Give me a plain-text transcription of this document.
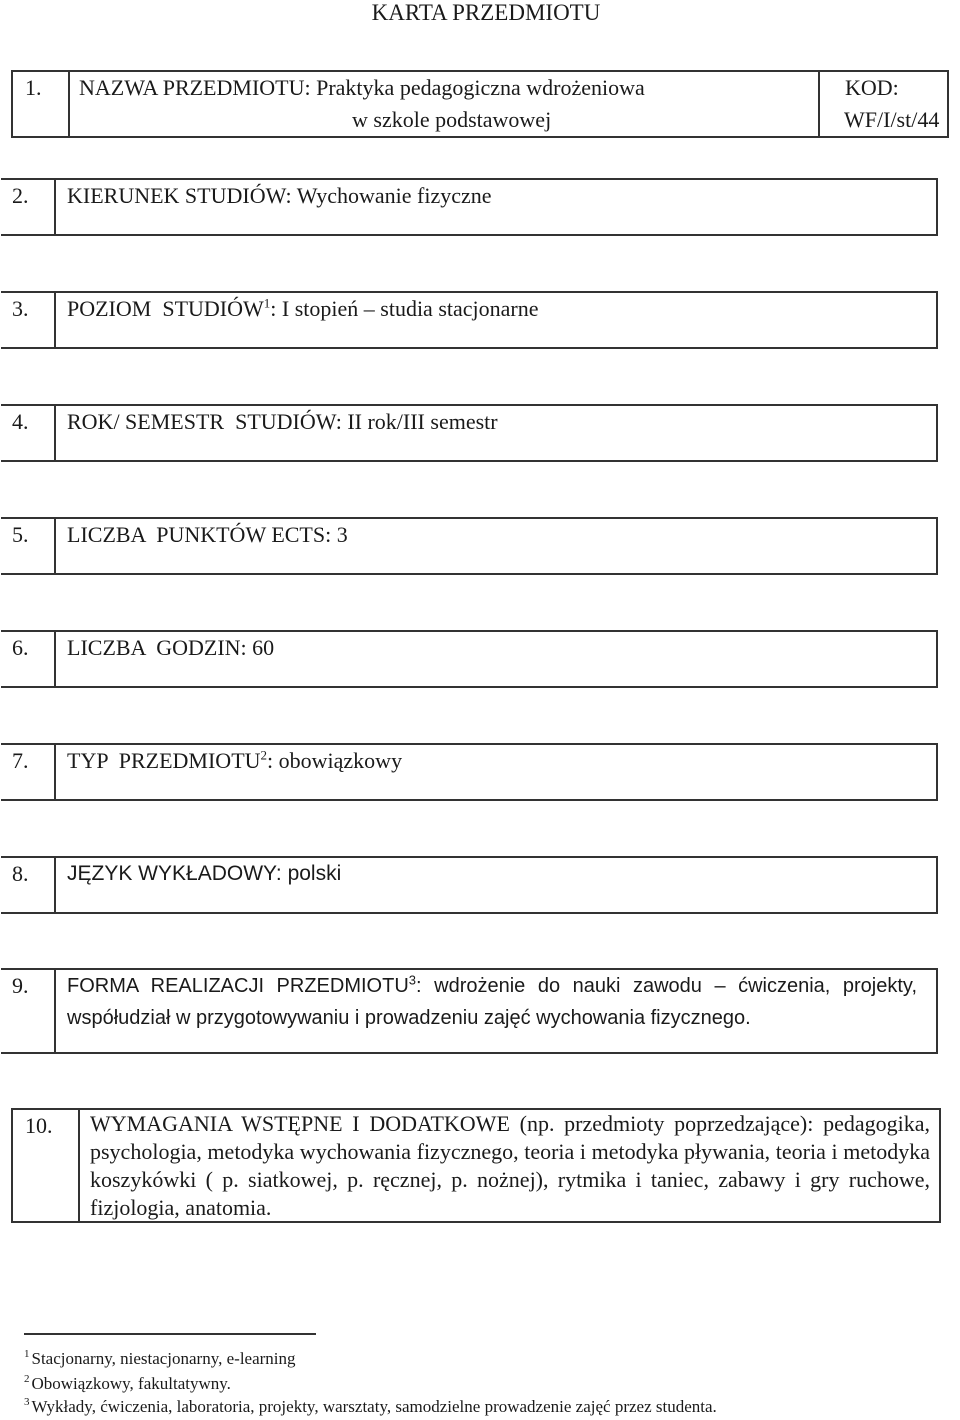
KARTA PRZEDMIOTU
1. NAZWA PRZEDMIOTU: Praktyka pedagogiczna wdrożeniowa
w szkole podstawowej
KOD:
WF/I/st/44
2. KIERUNEK STUDIÓW: Wychowanie fizyczne
3. POZIOM  STUDIÓW$^1$: I stopień – studia stacjonarne
4. ROK/ SEMESTR  STUDIÓW: II rok/III semestr
5. LICZBA  PUNKTÓW ECTS: 3
6. LICZBA  GODZIN: 60
7. TYP  PRZEDMIOTU$^2$: obowiązkowy
8. JĘZYK WYKŁADOWY: polski
9. FORMA REALIZACJI PRZEDMIOTU$^3$: wdrożenie do nauki zawodu – ćwiczenia, projekty, współudział w przygotowywaniu i prowadzeniu zajęć wychowania fizycznego.
10. WYMAGANIA WSTĘPNE I DODATKOWE (np. przedmioty poprzedzające): pedagogika, psychologia, metodyka wychowania fizycznego, teoria i metodyka pływania, teoria i metodyka koszykówki ( p. siatkowej, p. ręcznej, p. nożnej), rytmika i taniec, zabawy i gry ruchowe, fizjologia, anatomia.
$^1$ Stacjonarny, niestacjonarny, e-learning
$^2$ Obowiązkowy, fakultatywny.
$^3$ Wykłady, ćwiczenia, laboratoria, projekty, warsztaty, samodzielne prowadzenie zajęć przez studenta.
